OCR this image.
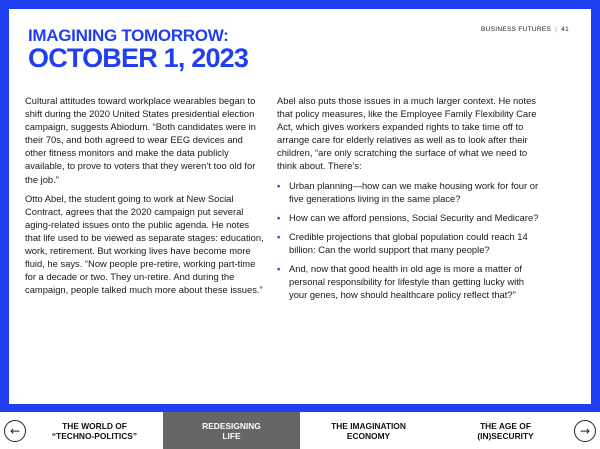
BUSINESS FUTURES | 41
IMAGINING TOMORROW:
OCTOBER 1, 2023

Cultural attitudes toward workplace wearables began to shift during the 2020 United States presidential election campaign, suggests Abiodum. “Both candidates were in their 70s, and both agreed to wear EEG devices and other fitness monitors and make the data publicly available, to prove to voters that they weren’t too old for the job.”

Otto Abel, the student going to work at New Social Contract, agrees that the 2020 campaign put several aging-related issues onto the public agenda. He notes that life used to be viewed as separate stages: education, work, retirement. But working lives have become more fluid, he says. “Now people pre-retire, working part-time for a decade or two. They un-retire. And during the campaign, people talked much more about these issues.”

Abel also puts those issues in a much larger context. He notes that policy measures, like the Employee Family Flexibility Care Act, which gives workers expanded rights to take time off to arrange care for elderly relatives as well as to look after their children, “are only scratching the surface of what we need to think about. There’s:

• Urban planning—how can we make housing work for four or five generations living in the same place?
• How can we afford pensions, Social Security and Medicare?
• Credible projections that global population could reach 14 billion: Can the world support that many people?
• And, now that good health in old age is more a matter of personal responsibility for lifestyle than getting lucky with your genes, how should healthcare policy reflect that?”
←	THE WORLD OF
“TECHNO-POLITICS”
REDESIGNING
LIFE
THE IMAGINATION
ECONOMY
THE AGE OF
(IN)SECURITY	→
